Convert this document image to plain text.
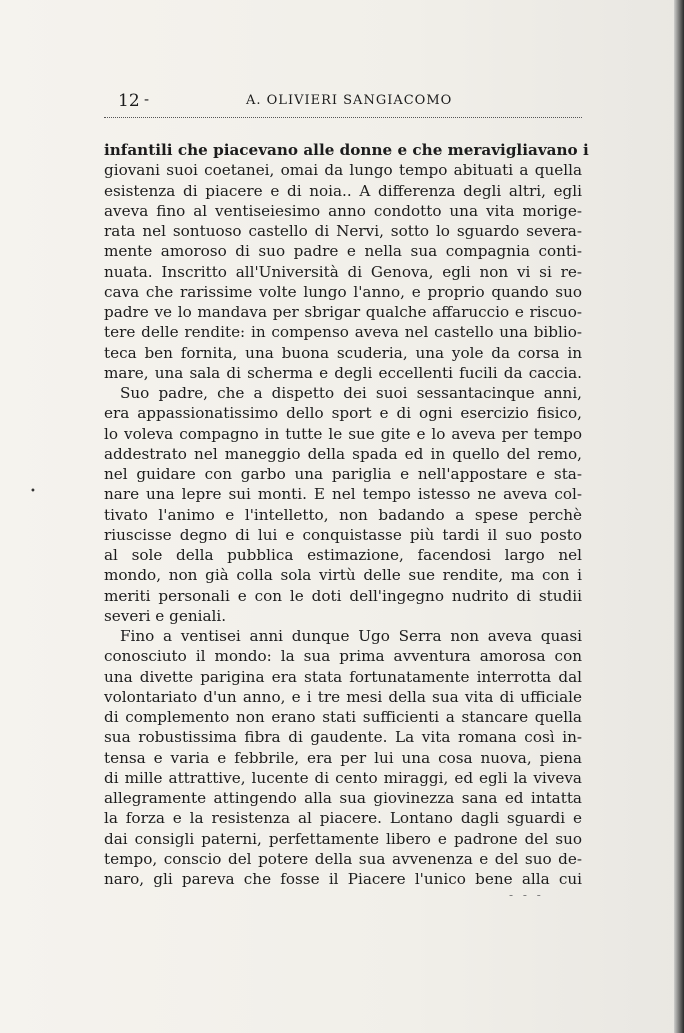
12 -	A. OLIVIERI SANGIACOMO
•
infantili che piacevano alle donne e che meravigliavano i
giovani suoi coetanei, omai da lungo tempo abituati a quella
esistenza di piacere e di noia.. A differenza degli altri, egli
aveva fino al ventiseiesimo anno condotto una vita morige-
rata nel sontuoso castello di Nervi, sotto lo sguardo severa-
mente amoroso di suo padre e nella sua compagnia conti-
nuata. Inscritto all'Università di Genova, egli non vi si re-
cava che rarissime volte lungo l'anno, e proprio quando suo
padre ve lo mandava per sbrigar qualche affaruccio e riscuo-
tere delle rendite: in compenso aveva nel castello una biblio-
teca ben fornita, una buona scuderia, una yole da corsa in
mare, una sala di scherma e degli eccellenti fucili da caccia.
Suo padre, che a dispetto dei suoi sessantacinque anni,
era appassionatissimo dello sport e di ogni esercizio fisico,
lo voleva compagno in tutte le sue gite e lo aveva per tempo
addestrato nel maneggio della spada ed in quello del remo,
nel guidare con garbo una pariglia e nell'appostare e sta-
nare una lepre sui monti. E nel tempo istesso ne aveva col-
tivato l'animo e l'intelletto, non badando a spese perchè
riuscisse degno di lui e conquistasse più tardi il suo posto
al sole della pubblica estimazione, facendosi largo nel
mondo, non già colla sola virtù delle sue rendite, ma con i
meriti personali e con le doti dell'ingegno nudrito di studii
severi e geniali.
Fino a ventisei anni dunque Ugo Serra non aveva quasi
conosciuto il mondo: la sua prima avventura amorosa con
una divette parigina era stata fortunatamente interrotta dal
volontariato d'un anno, e i tre mesi della sua vita di ufficiale
di complemento non erano stati sufficienti a stancare quella
sua robustissima fibra di gaudente. La vita romana così in-
tensa e varia e febbrile, era per lui una cosa nuova, piena
di mille attrattive, lucente di cento miraggi, ed egli la viveva
allegramente attingendo alla sua giovinezza sana ed intatta
la forza e la resistenza al piacere. Lontano dagli sguardi e
dai consigli paterni, perfettamente libero e padrone del suo
tempo, conscio del potere della sua avvenenza e del suo de-
naro, gli pareva che fosse il Piacere l'unico bene alla cui
- - -
